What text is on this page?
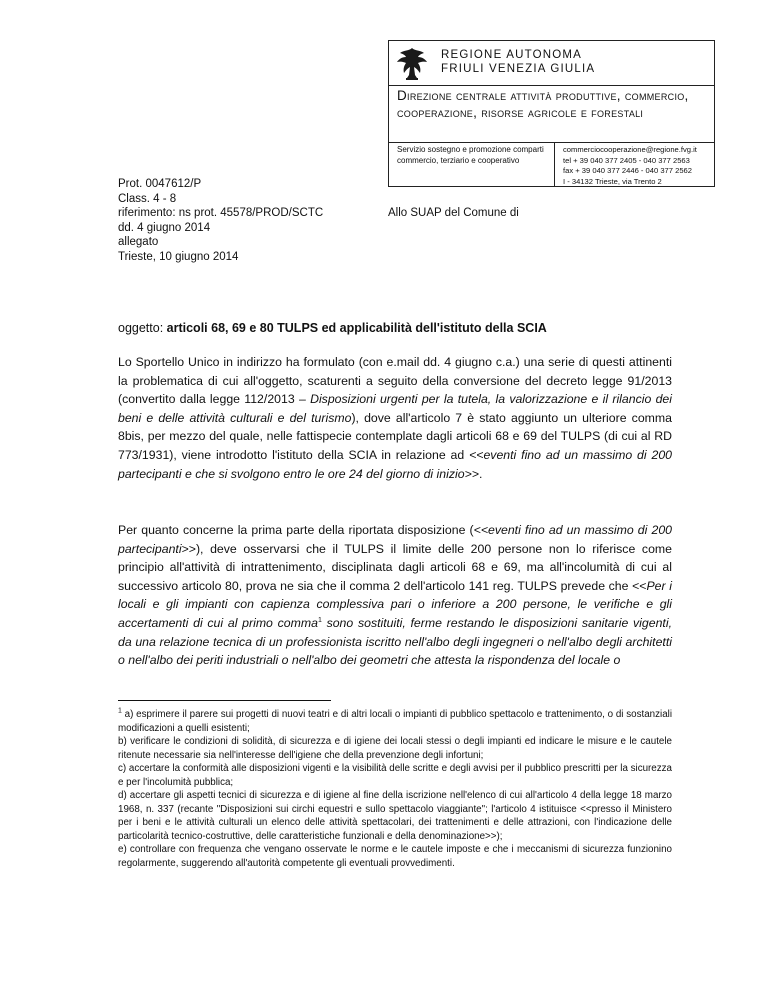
REGIONE AUTONOMA
FRIULI VENEZIA GIULIA
Direzione centrale attività produttive, commercio, cooperazione, risorse agricole e forestali
Servizio sostegno e promozione comparti commercio, terziario e cooperativo
commerciocooperazione@regione.fvg.it
tel + 39 040 377 2405 - 040 377 2563
fax + 39 040 377 2446 - 040 377 2562
I - 34132 Trieste, via Trento 2
Prot. 0047612/P
Class. 4 - 8
riferimento: ns prot. 45578/PROD/SCTC
dd. 4 giugno 2014
allegato
Trieste, 10 giugno 2014
Allo SUAP del Comune di
oggetto: articoli 68, 69 e 80 TULPS ed applicabilità dell'istituto della SCIA
Lo Sportello Unico in indirizzo ha formulato (con e.mail dd. 4 giugno c.a.) una serie di questi attinenti la problematica di cui all'oggetto, scaturenti a seguito della conversione del decreto legge 91/2013 (convertito dalla legge 112/2013 – Disposizioni urgenti per la tutela, la valorizzazione e il rilancio dei beni e delle attività culturali e del turismo), dove all'articolo 7 è stato aggiunto un ulteriore comma 8bis, per mezzo del quale, nelle fattispecie contemplate dagli articoli 68 e 69 del TULPS (di cui al RD 773/1931), viene introdotto l'istituto della SCIA in relazione ad <<eventi fino ad un massimo di 200 partecipanti e che si svolgono entro le ore 24 del giorno di inizio>>.
Per quanto concerne la prima parte della riportata disposizione (<<eventi fino ad un massimo di 200 partecipanti>>), deve osservarsi che il TULPS il limite delle 200 persone non lo riferisce come principio all'attività di intrattenimento, disciplinata dagli articoli 68 e 69, ma all'incolumità di cui al successivo articolo 80, prova ne sia che il comma 2 dell'articolo 141 reg. TULPS prevede che <<Per i locali e gli impianti con capienza complessiva pari o inferiore a 200 persone, le verifiche e gli accertamenti di cui al primo comma$^1$ sono sostituiti, ferme restando le disposizioni sanitarie vigenti, da una relazione tecnica di un professionista iscritto nell'albo degli ingegneri o nell'albo degli architetti o nell'albo dei periti industriali o nell'albo dei geometri che attesta la rispondenza del locale o
$^1$ a) esprimere il parere sui progetti di nuovi teatri e di altri locali o impianti di pubblico spettacolo e trattenimento, o di sostanziali modificazioni a quelli esistenti;
b) verificare le condizioni di solidità, di sicurezza e di igiene dei locali stessi o degli impianti ed indicare le misure e le cautele ritenute necessarie sia nell'interesse dell'igiene che della prevenzione degli infortuni;
c) accertare la conformità alle disposizioni vigenti e la visibilità delle scritte e degli avvisi per il pubblico prescritti per la sicurezza e per l'incolumità pubblica;
d) accertare gli aspetti tecnici di sicurezza e di igiene al fine della iscrizione nell'elenco di cui all'articolo 4 della legge 18 marzo 1968, n. 337 (recante "Disposizioni sui circhi equestri e sullo spettacolo viaggiante"; l'articolo 4 istituisce <<presso il Ministero per i beni e le attività culturali un elenco delle attività spettacolari, dei trattenimenti e delle attrazioni, con l'indicazione delle particolarità tecnico-costruttive, delle caratteristiche funzionali e della denominazione>>);
e) controllare con frequenza che vengano osservate le norme e le cautele imposte e che i meccanismi di sicurezza funzionino regolarmente, suggerendo all'autorità competente gli eventuali provvedimenti.
